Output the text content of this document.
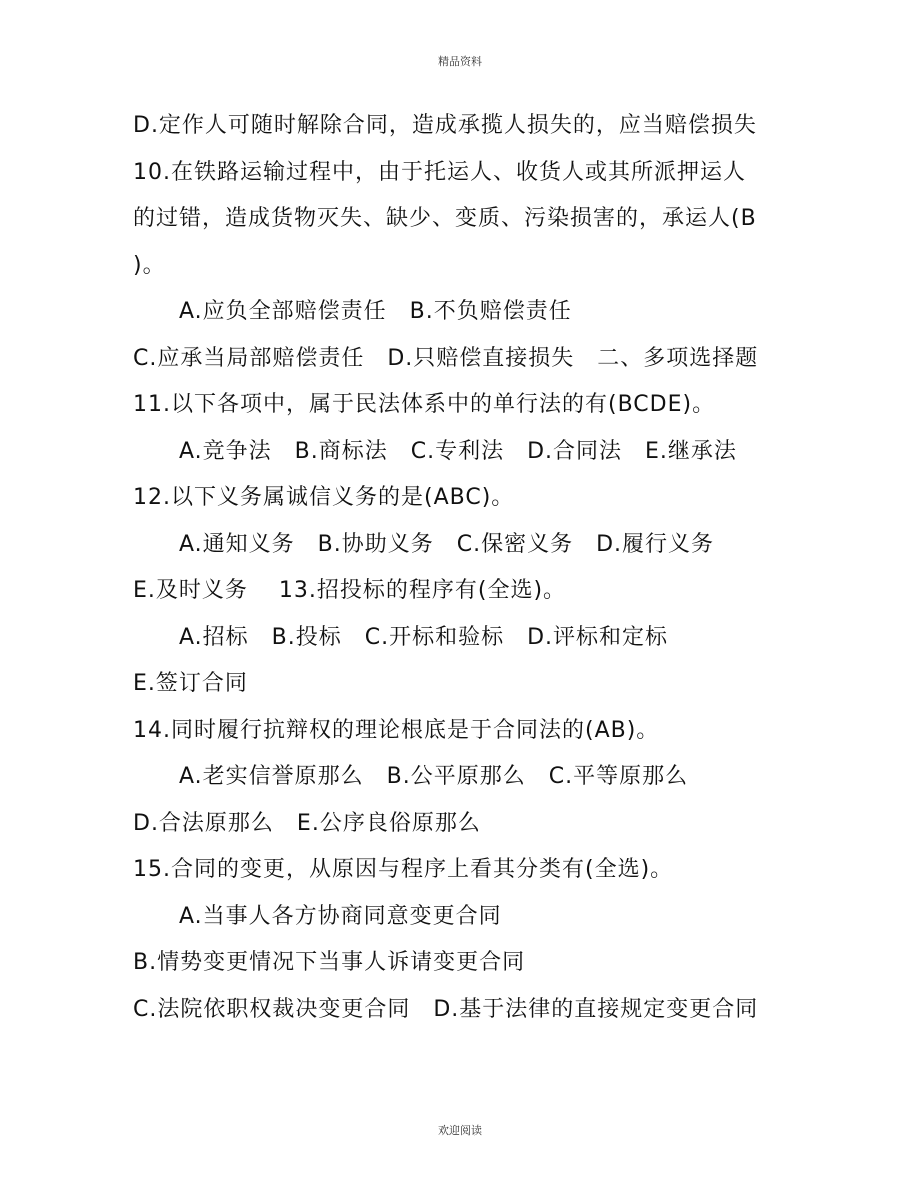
精品资料
D.定作人可随时解除合同，造成承揽人损失的，应当赔偿损失
10.在铁路运输过程中，由于托运人、收货人或其所派押运人
的过错，造成货物灭失、缺少、变质、污染损害的，承运人(B
)。
A.应负全部赔偿责任　B.不负赔偿责任
C.应承当局部赔偿责任　D.只赔偿直接损失　二、多项选择题
11.以下各项中，属于民法体系中的单行法的有(BCDE)。
A.竞争法　B.商标法　C.专利法　D.合同法　E.继承法
12.以下义务属诚信义务的是(ABC)。
A.通知义务　B.协助义务　C.保密义务　D.履行义务
E.及时义务　 13.招投标的程序有(全选)。
A.招标　B.投标　C.开标和验标　D.评标和定标
E.签订合同
14.同时履行抗辩权的理论根底是于合同法的(AB)。
A.老实信誉原那么　B.公平原那么　C.平等原那么
D.合法原那么　E.公序良俗原那么
15.合同的变更，从原因与程序上看其分类有(全选)。
A.当事人各方协商同意变更合同
B.情势变更情况下当事人诉请变更合同
C.法院依职权裁决变更合同　D.基于法律的直接规定变更合同
欢迎阅读
